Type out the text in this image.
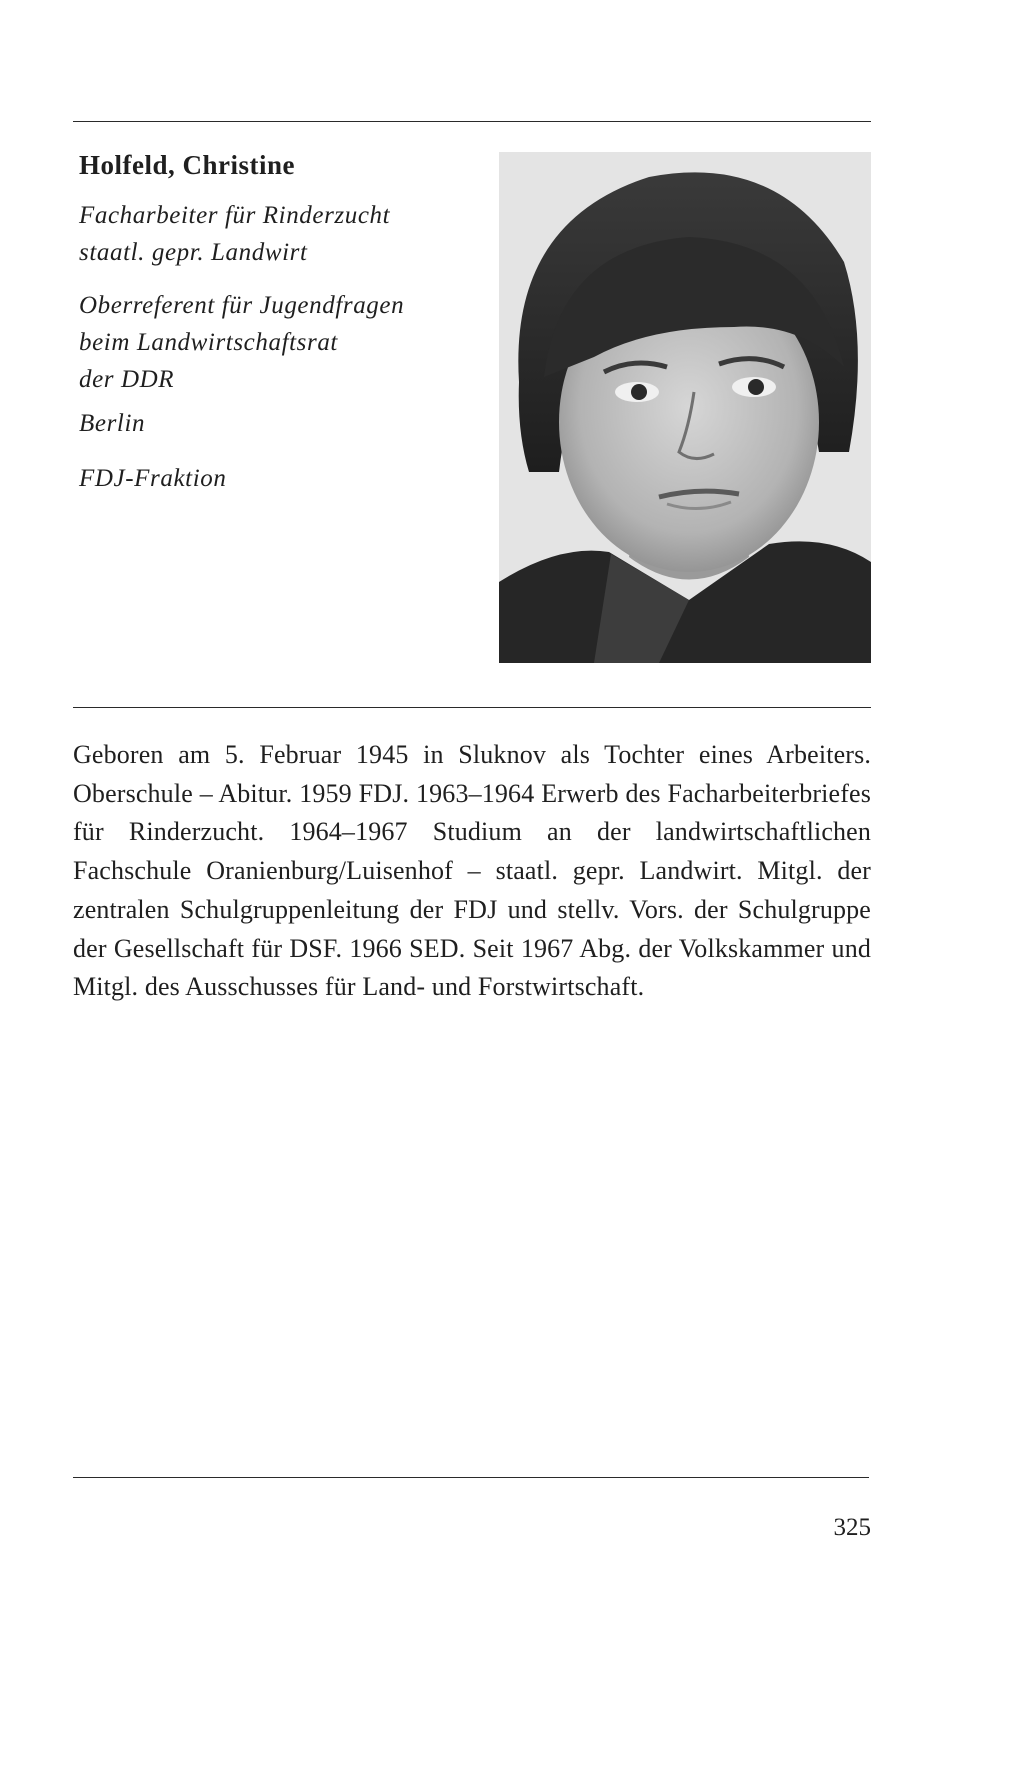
Holfeld, Christine
Facharbeiter für Rinderzucht
staatl. gepr. Landwirt
Oberreferent für Jugendfragen
beim Landwirtschaftsrat
der DDR
Berlin
FDJ-Fraktion

Geboren am 5. Februar 1945 in Sluknov als Tochter eines Arbeiters. Oberschule – Abitur. 1959 FDJ. 1963–1964 Erwerb des Facharbeiterbriefes für Rinderzucht. 1964–1967 Studium an der landwirtschaftlichen Fachschule Oranienburg/Luisenhof – staatl. gepr. Landwirt. Mitgl. der zentralen Schulgruppenleitung der FDJ und stellv. Vors. der Schulgruppe der Gesellschaft für DSF. 1966 SED. Seit 1967 Abg. der Volkskammer und Mitgl. des Ausschusses für Land- und Forstwirtschaft.

325
